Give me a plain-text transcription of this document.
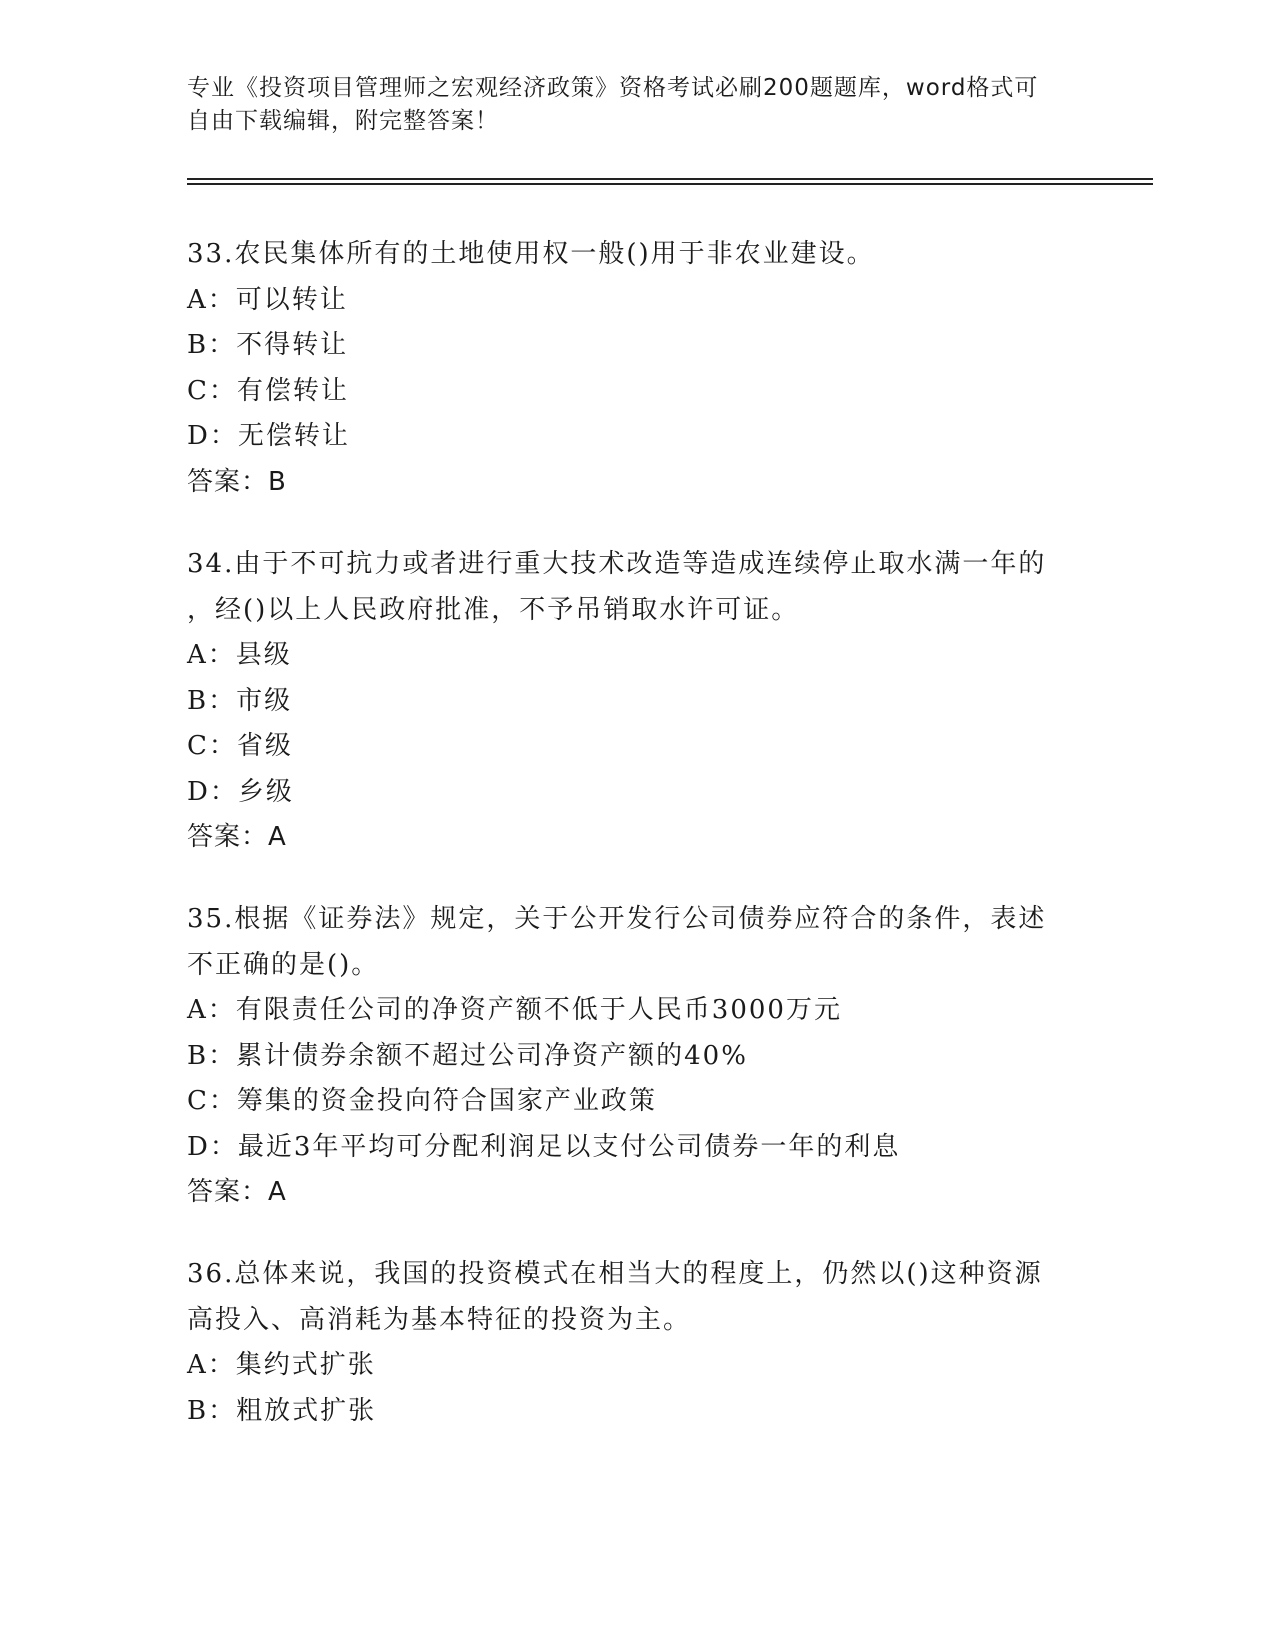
专业《投资项目管理师之宏观经济政策》资格考试必刷200题题库，word格式可
自由下载编辑，附完整答案！
33.农民集体所有的土地使用权一般()用于非农业建设。
A：可以转让
B：不得转让
C：有偿转让
D：无偿转让
答案：B
34.由于不可抗力或者进行重大技术改造等造成连续停止取水满一年的
，经()以上人民政府批准，不予吊销取水许可证。
A：县级
B：市级
C：省级
D：乡级
答案：A
35.根据《证券法》规定，关于公开发行公司债券应符合的条件，表述
不正确的是()。
A：有限责任公司的净资产额不低于人民币3000万元
B：累计债券余额不超过公司净资产额的40%
C：筹集的资金投向符合国家产业政策
D：最近3年平均可分配利润足以支付公司债券一年的利息
答案：A
36.总体来说，我国的投资模式在相当大的程度上，仍然以()这种资源
高投入、高消耗为基本特征的投资为主。
A：集约式扩张
B：粗放式扩张
